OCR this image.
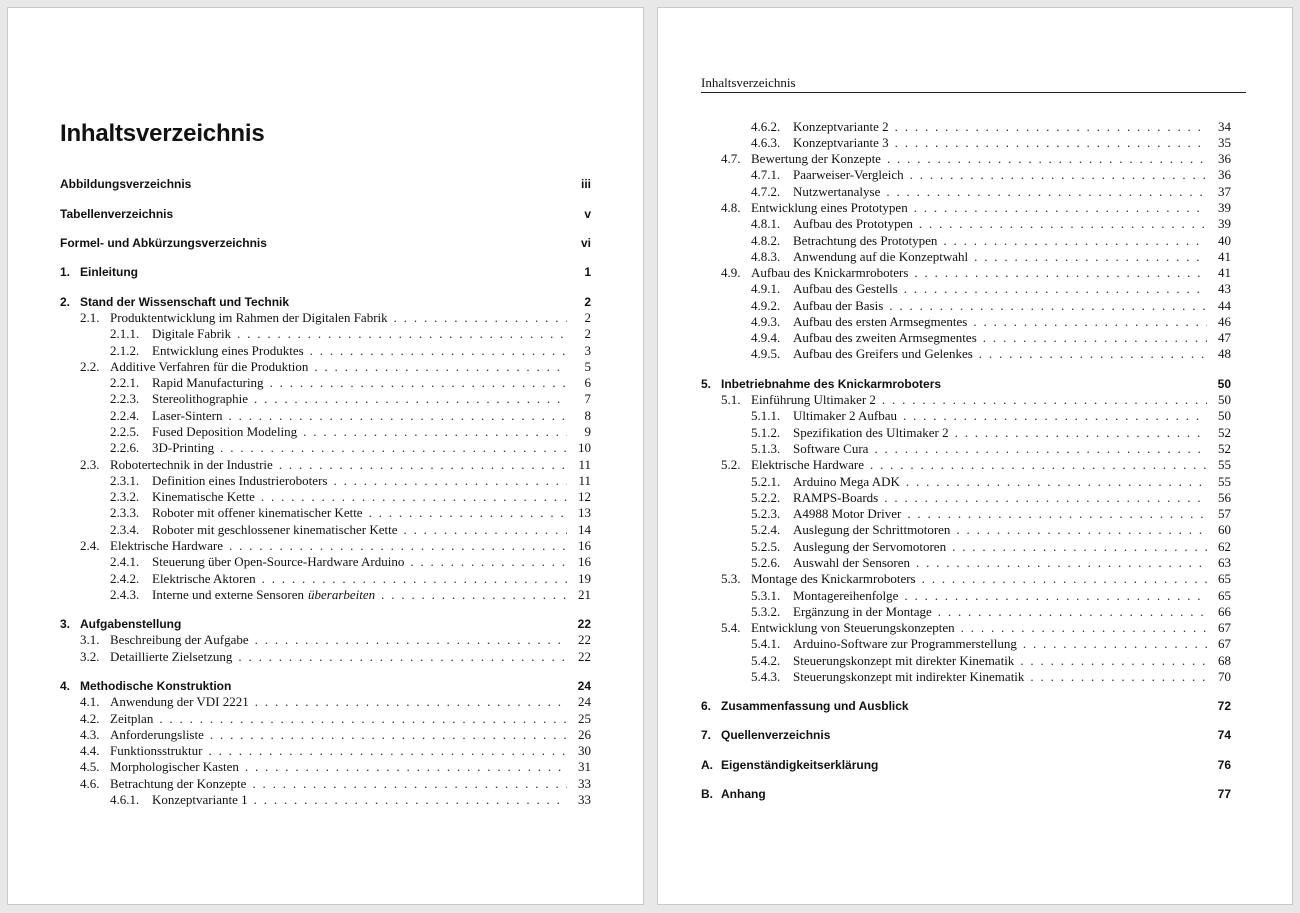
Inhaltsverzeichnis
Abbildungsverzeichnis	iii
Tabellenverzeichnis	v
Formel- und Abkürzungsverzeichnis	vi
1. Einleitung	1
2. Stand der Wissenschaft und Technik	2
2.1. Produktentwicklung im Rahmen der Digitalen Fabrik . . .	2
2.1.1. Digitale Fabrik . . .	2
2.1.2. Entwicklung eines Produktes . . .	3
2.2. Additive Verfahren für die Produktion . . .	5
2.2.1. Rapid Manufacturing . . .	6
2.2.3. Stereolithographie . . .	7
2.2.4. Laser-Sintern . . .	8
2.2.5. Fused Deposition Modeling . . .	9
2.2.6. 3D-Printing . . .	10
2.3. Robotertechnik in der Industrie . . .	11
2.3.1. Definition eines Industrieroboters . . .	11
2.3.2. Kinematische Kette . . .	12
2.3.3. Roboter mit offener kinematischer Kette . . .	13
2.3.4. Roboter mit geschlossener kinematischer Kette . . .	14
2.4. Elektrische Hardware . . .	16
2.4.1. Steuerung über Open-Source-Hardware Arduino . . .	16
2.4.2. Elektrische Aktoren . . .	19
2.4.3. Interne und externe Sensoren überarbeiten . . .	21
3. Aufgabenstellung	22
3.1. Beschreibung der Aufgabe . . .	22
3.2. Detaillierte Zielsetzung . . .	22
4. Methodische Konstruktion	24
4.1. Anwendung der VDI 2221 . . .	24
4.2. Zeitplan . . .	25
4.3. Anforderungsliste . . .	26
4.4. Funktionsstruktur . . .	30
4.5. Morphologischer Kasten . . .	31
4.6. Betrachtung der Konzepte . . .	33
4.6.1. Konzeptvariante 1 . . .	33
Inhaltsverzeichnis
4.6.2. Konzeptvariante 2 . . .	34
4.6.3. Konzeptvariante 3 . . .	35
4.7. Bewertung der Konzepte . . .	36
4.7.1. Paarweiser-Vergleich . . .	36
4.7.2. Nutzwertanalyse . . .	37
4.8. Entwicklung eines Prototypen . . .	39
4.8.1. Aufbau des Prototypen . . .	39
4.8.2. Betrachtung des Prototypen . . .	40
4.8.3. Anwendung auf die Konzeptwahl . . .	41
4.9. Aufbau des Knickarmroboters . . .	41
4.9.1. Aufbau des Gestells . . .	43
4.9.2. Aufbau der Basis . . .	44
4.9.3. Aufbau des ersten Armsegmentes . . .	46
4.9.4. Aufbau des zweiten Armsegmentes . . .	47
4.9.5. Aufbau des Greifers und Gelenkes . . .	48
5. Inbetriebnahme des Knickarmroboters	50
5.1. Einführung Ultimaker 2 . . .	50
5.1.1. Ultimaker 2 Aufbau . . .	50
5.1.2. Spezifikation des Ultimaker 2 . . .	52
5.1.3. Software Cura . . .	52
5.2. Elektrische Hardware . . .	55
5.2.1. Arduino Mega ADK . . .	55
5.2.2. RAMPS-Boards . . .	56
5.2.3. A4988 Motor Driver . . .	57
5.2.4. Auslegung der Schrittmotoren . . .	60
5.2.5. Auslegung der Servomotoren . . .	62
5.2.6. Auswahl der Sensoren . . .	63
5.3. Montage des Knickarmroboters . . .	65
5.3.1. Montagereihenfolge . . .	65
5.3.2. Ergänzung in der Montage . . .	66
5.4. Entwicklung von Steuerungskonzepten . . .	67
5.4.1. Arduino-Software zur Programmerstellung . . .	67
5.4.2. Steuerungskonzept mit direkter Kinematik . . .	68
5.4.3. Steuerungskonzept mit indirekter Kinematik . . .	70
6. Zusammenfassung und Ausblick	72
7. Quellenverzeichnis	74
A. Eigenständigkeitserklärung	76
B. Anhang	77
